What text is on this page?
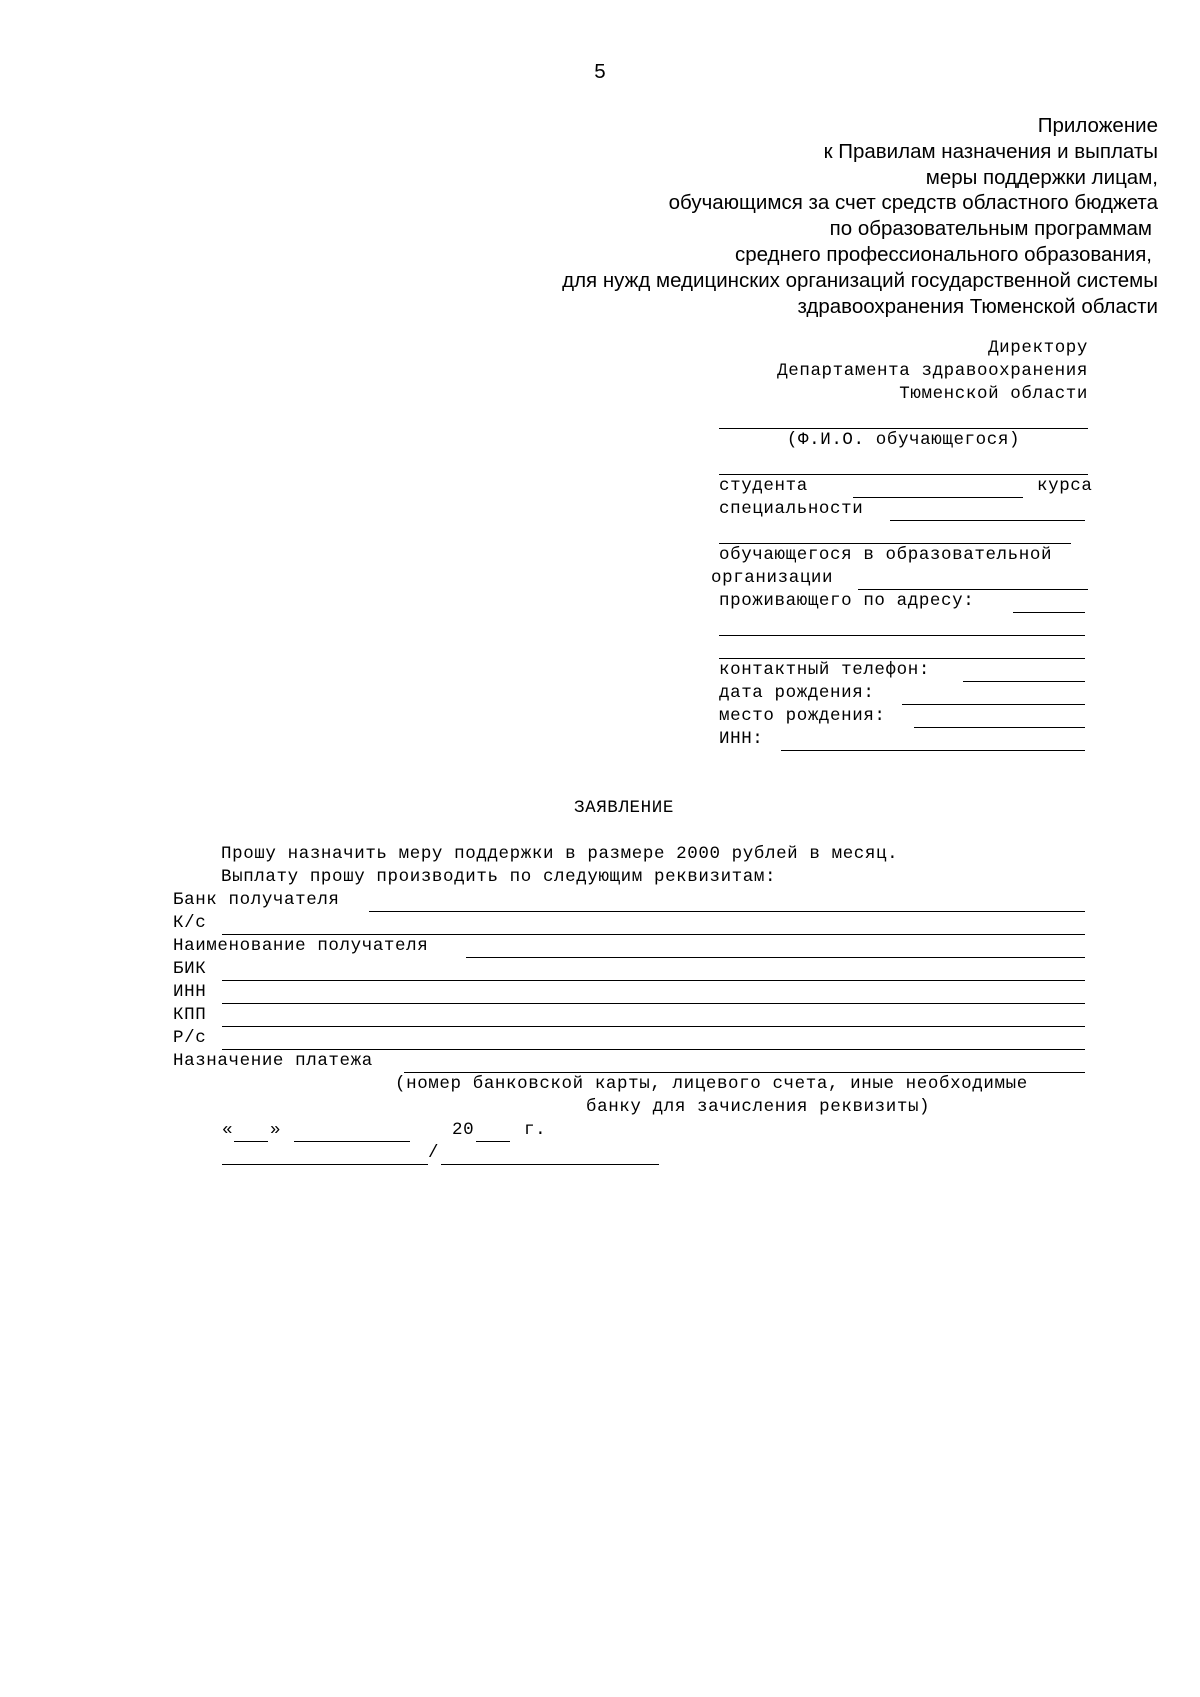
5
Приложение
к Правилам назначения и выплаты
меры поддержки лицам,
обучающимся за счет средств областного бюджета
по образовательным программам
среднего профессионального образования,
для нужд медицинских организаций государственной системы
здравоохранения Тюменской области
Директору
Департамента здравоохранения
Тюменской области
(Ф.И.О. обучающегося)
студента	курса
специальности
обучающегося в образовательной
организации
проживающего по адресу:
контактный телефон:
дата рождения:
место рождения:
ИНН:
ЗАЯВЛЕНИЕ
Прошу назначить меру поддержки в размере 2000 рублей в месяц.
Выплату прошу производить по следующим реквизитам:
Банк получателя
К/с
Наименование получателя
БИК
ИНН
КПП
Р/с
Назначение платежа
(номер банковской карты, лицевого счета, иные необходимые
банку для зачисления реквизиты)
« »	20	г.
/
